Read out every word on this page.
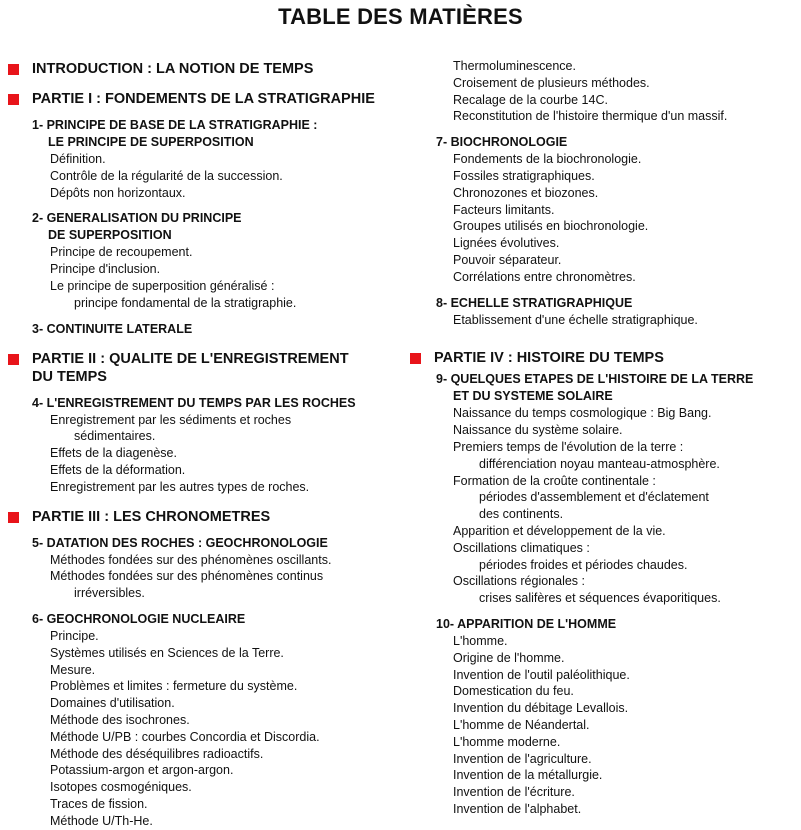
TABLE DES MATIÈRES
INTRODUCTION : LA NOTION DE TEMPS
PARTIE I : FONDEMENTS DE LA STRATIGRAPHIE
1- PRINCIPE DE BASE DE LA STRATIGRAPHIE :
LE PRINCIPE DE SUPERPOSITION
Définition.
Contrôle de la régularité de la succession.
Dépôts non horizontaux.
2- GENERALISATION DU PRINCIPE
DE SUPERPOSITION
Principe de recoupement.
Principe d'inclusion.
Le principe de superposition généralisé :
principe fondamental de la stratigraphie.
3- CONTINUITE LATERALE
PARTIE II : QUALITE DE L'ENREGISTREMENT
DU TEMPS
4- L'ENREGISTREMENT DU TEMPS PAR LES ROCHES
Enregistrement par les sédiments et roches
sédimentaires.
Effets de la diagenèse.
Effets de la déformation.
Enregistrement par les autres types de roches.
PARTIE III : LES CHRONOMETRES
5- DATATION DES ROCHES : GEOCHRONOLOGIE
Méthodes fondées sur des phénomènes oscillants.
Méthodes fondées sur des phénomènes continus
irréversibles.
6- GEOCHRONOLOGIE NUCLEAIRE
Principe.
Systèmes utilisés en Sciences de la Terre.
Mesure.
Problèmes et limites : fermeture du système.
Domaines d'utilisation.
Méthode des isochrones.
Méthode U/PB : courbes Concordia et Discordia.
Méthode des déséquilibres radioactifs.
Potassium-argon et argon-argon.
Isotopes cosmogéniques.
Traces de fission.
Méthode U/Th-He.
Thermoluminescence.
Croisement de plusieurs méthodes.
Recalage de la courbe 14C.
Reconstitution de l'histoire thermique d'un massif.
7- BIOCHRONOLOGIE
Fondements de la biochronologie.
Fossiles stratigraphiques.
Chronozones et biozones.
Facteurs limitants.
Groupes utilisés en biochronologie.
Lignées évolutives.
Pouvoir séparateur.
Corrélations entre chronomètres.
8- ECHELLE STRATIGRAPHIQUE
Etablissement d'une échelle stratigraphique.
PARTIE IV : HISTOIRE DU TEMPS
9- QUELQUES ETAPES DE L'HISTOIRE DE LA TERRE
ET DU SYSTEME SOLAIRE
Naissance du temps cosmologique : Big Bang.
Naissance du système solaire.
Premiers temps de l'évolution de la terre :
différenciation noyau manteau-atmosphère.
Formation de la croûte continentale :
périodes d'assemblement et d'éclatement
des continents.
Apparition et développement de la vie.
Oscillations climatiques :
périodes froides et périodes chaudes.
Oscillations régionales :
crises salifères et séquences évaporitiques.
10- APPARITION DE L'HOMME
L'homme.
Origine de l'homme.
Invention de l'outil paléolithique.
Domestication du feu.
Invention du débitage Levallois.
L'homme de Néandertal.
L'homme moderne.
Invention de l'agriculture.
Invention de la métallurgie.
Invention de l'écriture.
Invention de l'alphabet.
